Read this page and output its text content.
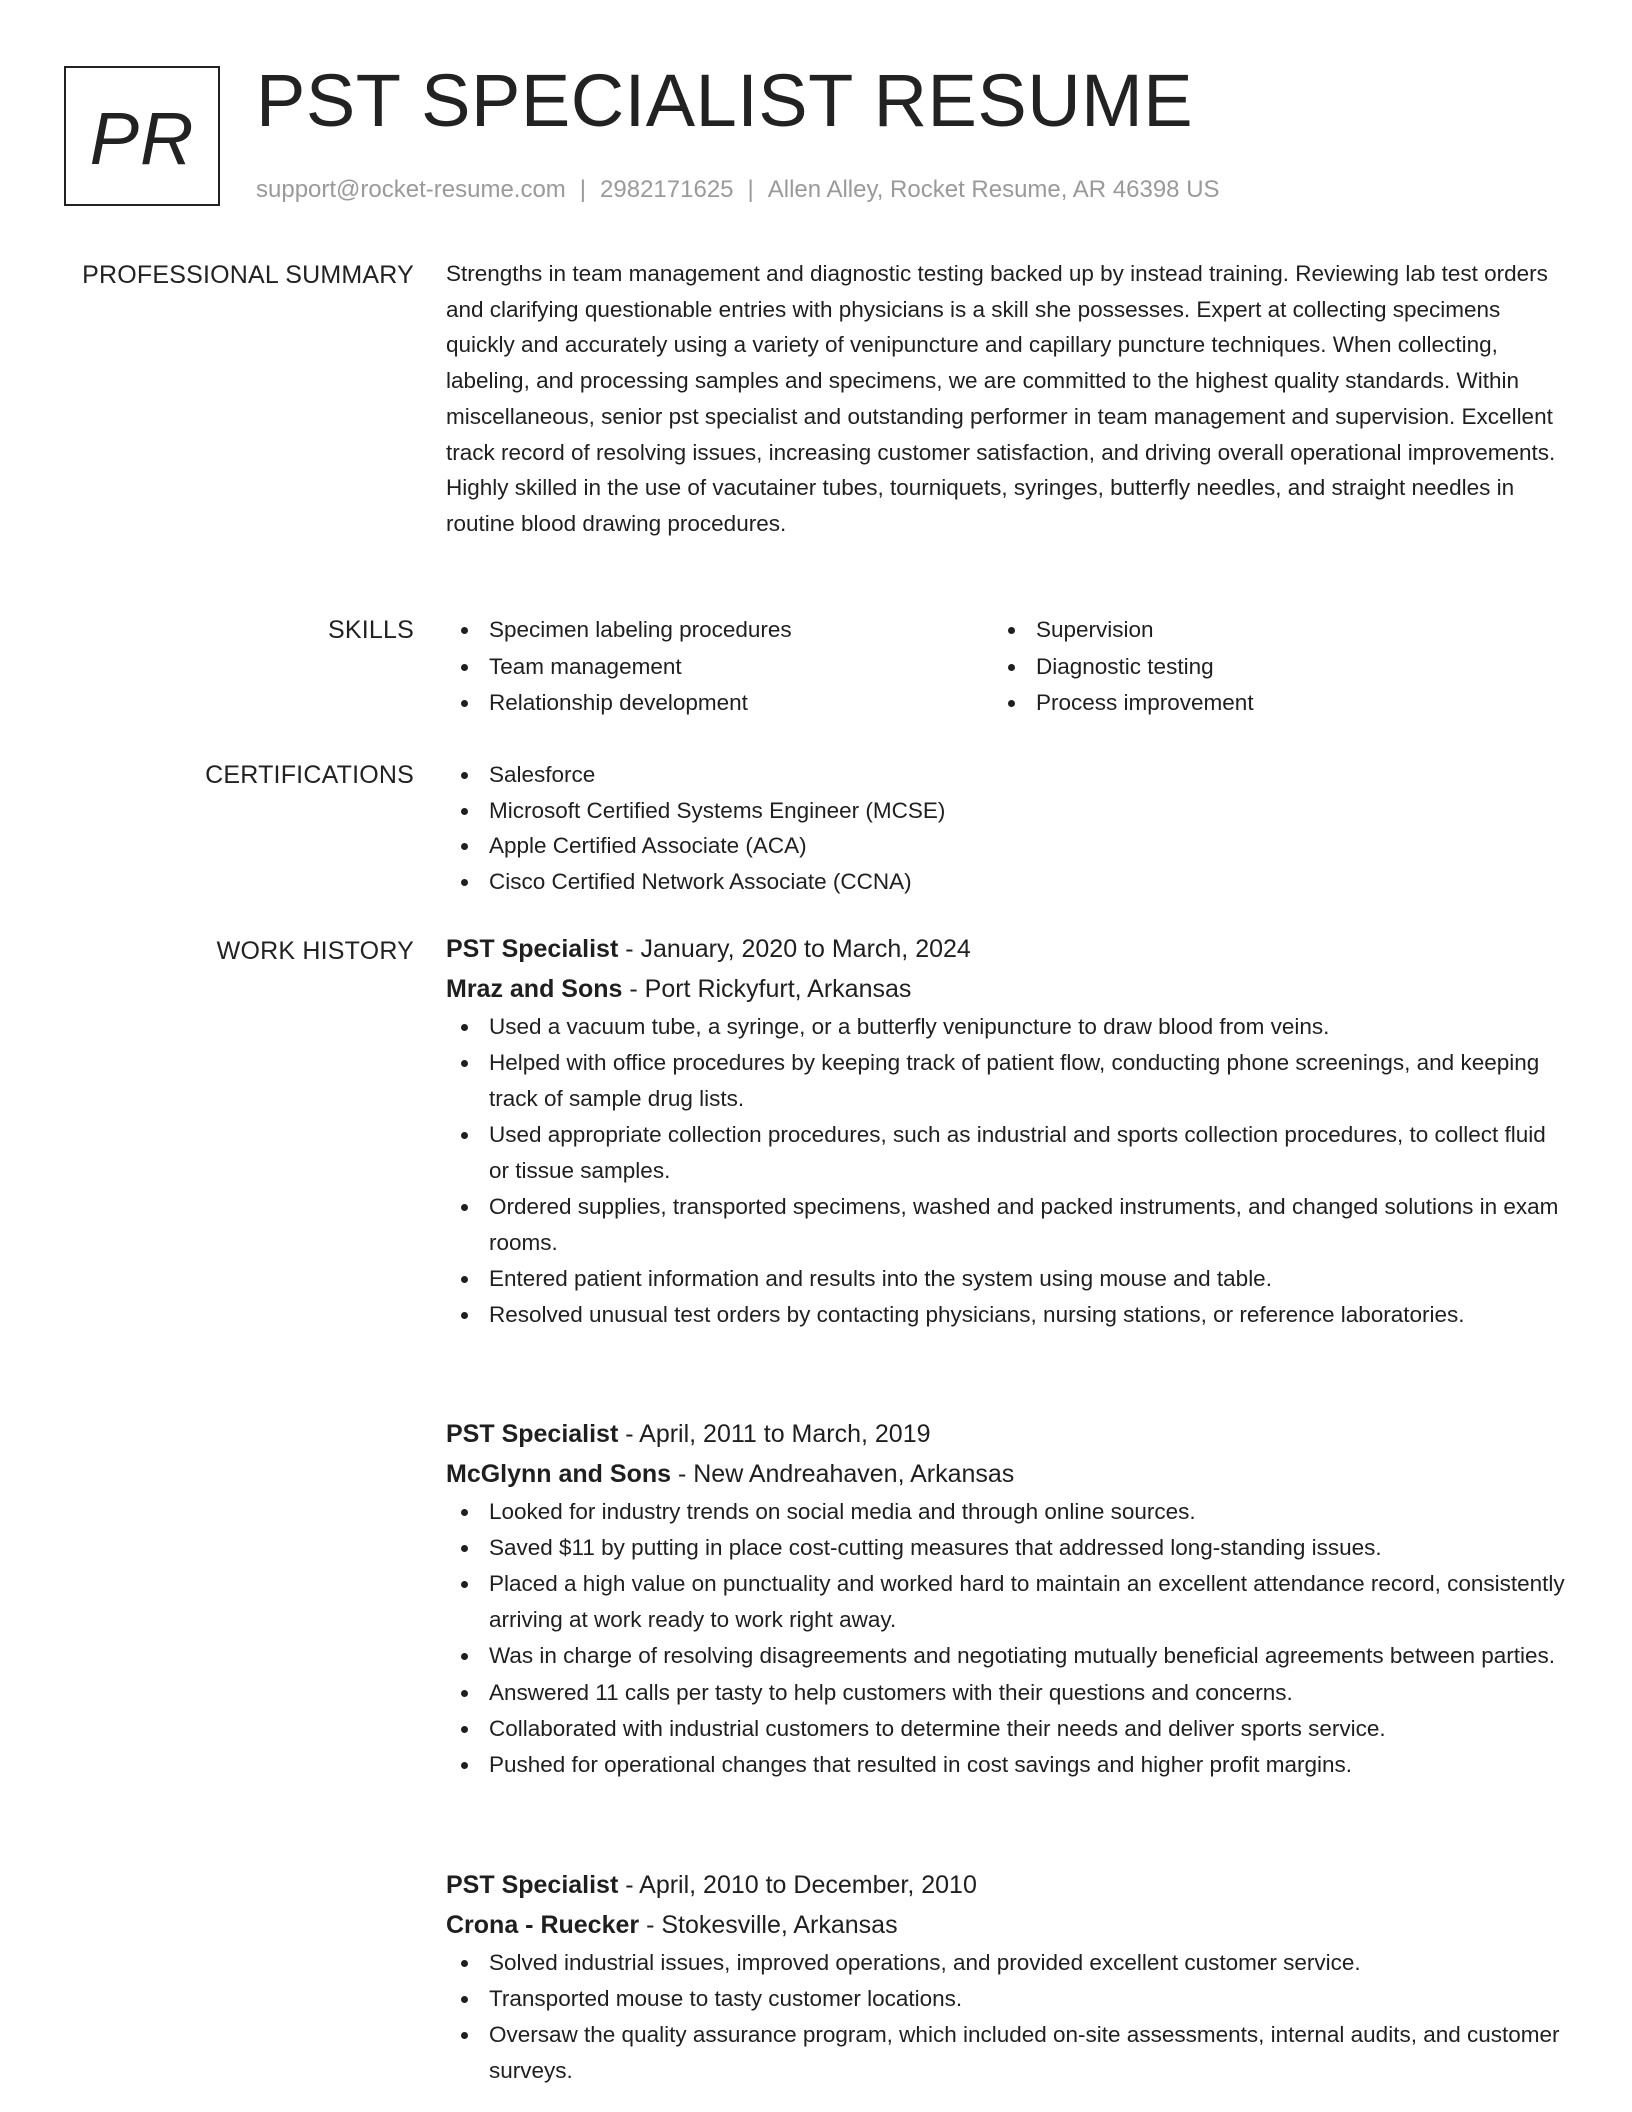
PR PST SPECIALIST RESUME
support@rocket-resume.com | 2982171625 | Allen Alley, Rocket Resume, AR 46398 US
PROFESSIONAL SUMMARY Strengths in team management and diagnostic testing backed up by instead training. Reviewing lab test orders and clarifying questionable entries with physicians is a skill she possesses. Expert at collecting specimens quickly and accurately using a variety of venipuncture and capillary puncture techniques. When collecting, labeling, and processing samples and specimens, we are committed to the highest quality standards. Within miscellaneous, senior pst specialist and outstanding performer in team management and supervision. Excellent track record of resolving issues, increasing customer satisfaction, and driving overall operational improvements. Highly skilled in the use of vacutainer tubes, tourniquets, syringes, butterfly needles, and straight needles in routine blood drawing procedures.

SKILLS	Specimen labeling procedures	Supervision
Team management	Diagnostic testing
Relationship development	Process improvement
CERTIFICATIONS	Salesforce
Microsoft Certified Systems Engineer (MCSE)
Apple Certified Associate (ACA)
Cisco Certified Network Associate (CCNA)
WORK HISTORY PST Specialist - January, 2020 to March, 2024
Mraz and Sons - Port Rickyfurt, Arkansas
Used a vacuum tube, a syringe, or a butterfly venipuncture to draw blood from veins.
Helped with office procedures by keeping track of patient flow, conducting phone screenings, and keeping track of sample drug lists.
Used appropriate collection procedures, such as industrial and sports collection procedures, to collect fluid or tissue samples.
Ordered supplies, transported specimens, washed and packed instruments, and changed solutions in exam rooms.
Entered patient information and results into the system using mouse and table.
Resolved unusual test orders by contacting physicians, nursing stations, or reference laboratories.
PST Specialist - April, 2011 to March, 2019
McGlynn and Sons - New Andreahaven, Arkansas
Looked for industry trends on social media and through online sources.
Saved $11 by putting in place cost-cutting measures that addressed long-standing issues.
Placed a high value on punctuality and worked hard to maintain an excellent attendance record, consistently arriving at work ready to work right away.
Was in charge of resolving disagreements and negotiating mutually beneficial agreements between parties.
Answered 11 calls per tasty to help customers with their questions and concerns.
Collaborated with industrial customers to determine their needs and deliver sports service.
Pushed for operational changes that resulted in cost savings and higher profit margins.
PST Specialist - April, 2010 to December, 2010
Crona - Ruecker - Stokesville, Arkansas
Solved industrial issues, improved operations, and provided excellent customer service.
Transported mouse to tasty customer locations.
Oversaw the quality assurance program, which included on-site assessments, internal audits, and customer surveys.
